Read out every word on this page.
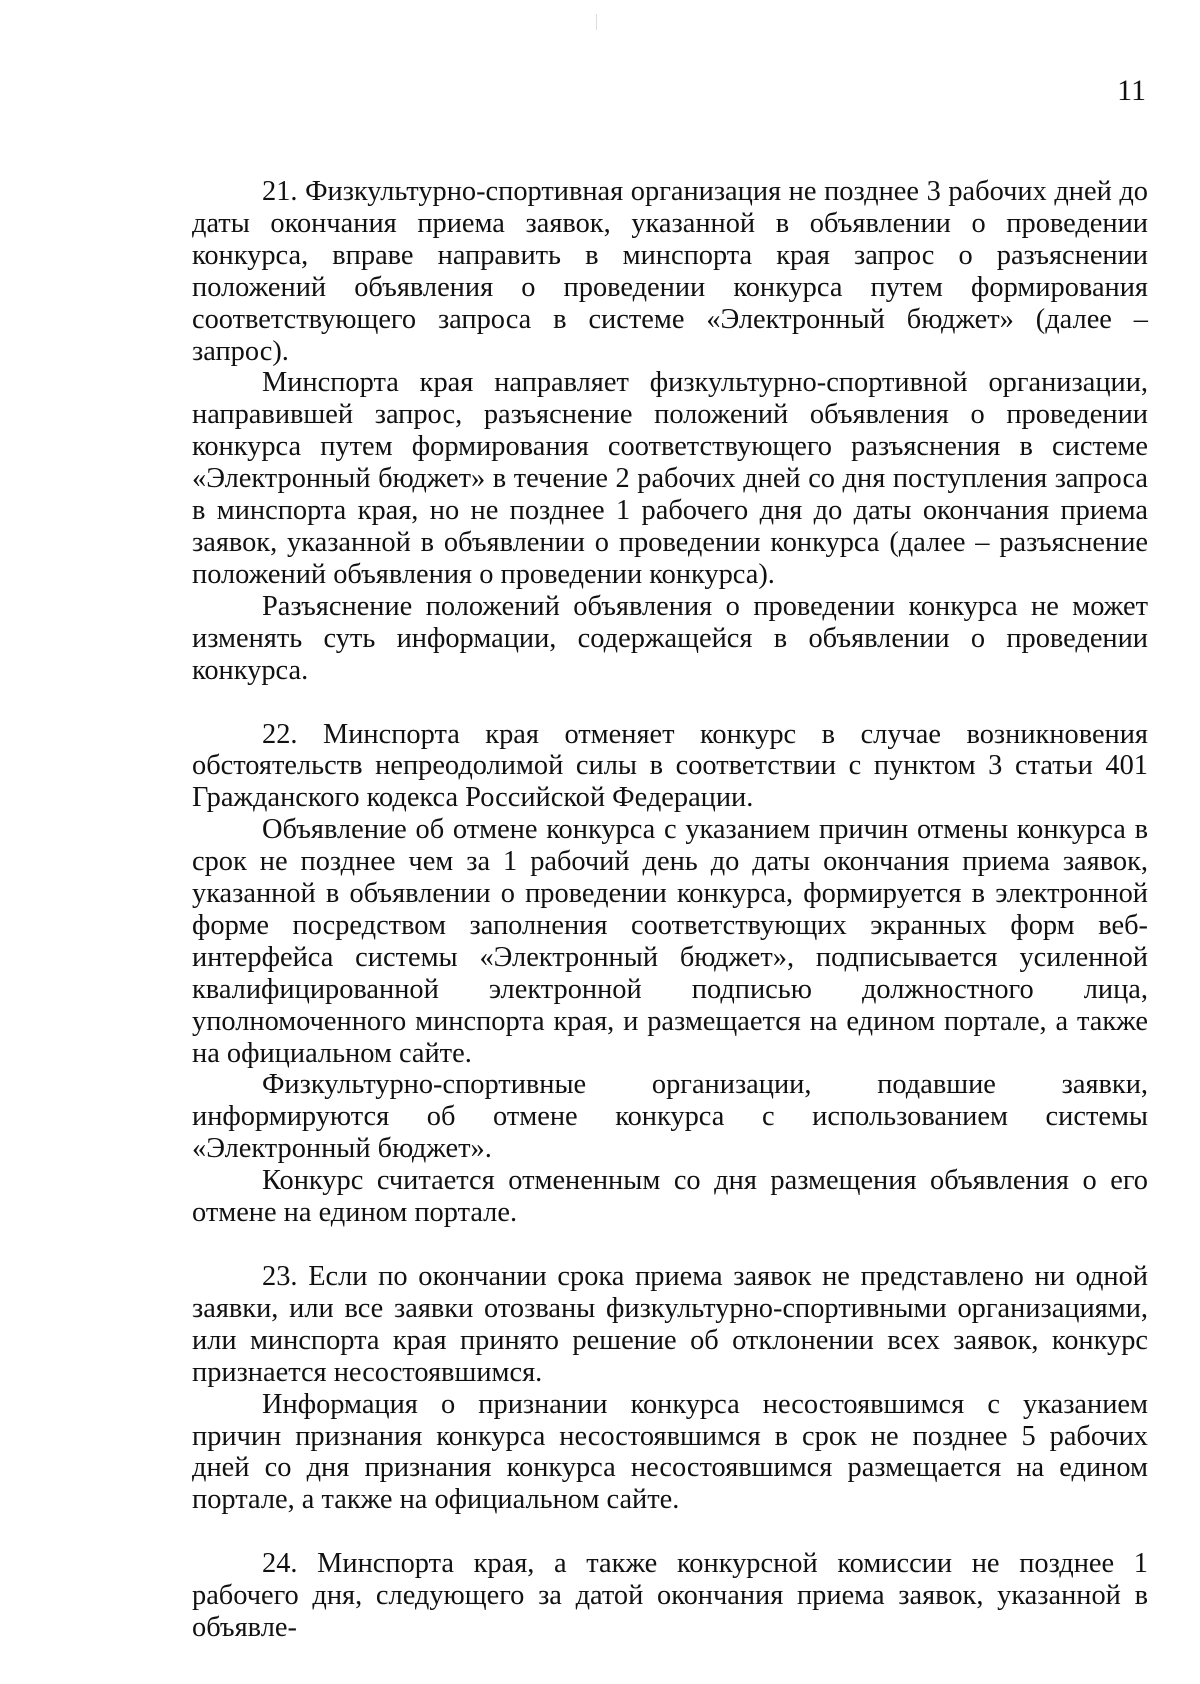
11

21. Физкультурно-спортивная организация не позднее 3 рабочих дней до даты окончания приема заявок, указанной в объявлении о проведении конкурса, вправе направить в минспорта края запрос о разъяснении положений объявления о проведении конкурса путем формирования соответствующего запроса в системе «Электронный бюджет» (далее – запрос).

Минспорта края направляет физкультурно-спортивной организации, направившей запрос, разъяснение положений объявления о проведении конкурса путем формирования соответствующего разъяснения в системе «Электронный бюджет» в течение 2 рабочих дней со дня поступления запроса в минспорта края, но не позднее 1 рабочего дня до даты окончания приема заявок, указанной в объявлении о проведении конкурса (далее – разъяснение положений объявления о проведении конкурса).

Разъяснение положений объявления о проведении конкурса не может изменять суть информации, содержащейся в объявлении о проведении конкурса.

22. Минспорта края отменяет конкурс в случае возникновения обстоятельств непреодолимой силы в соответствии с пунктом 3 статьи 401 Гражданского кодекса Российской Федерации.

Объявление об отмене конкурса с указанием причин отмены конкурса в срок не позднее чем за 1 рабочий день до даты окончания приема заявок, указанной в объявлении о проведении конкурса, формируется в электронной форме посредством заполнения соответствующих экранных форм веб-интерфейса системы «Электронный бюджет», подписывается усиленной квалифицированной электронной подписью должностного лица, уполномоченного минспорта края, и размещается на едином портале, а также на официальном сайте.

Физкультурно-спортивные организации, подавшие заявки, информируются об отмене конкурса с использованием системы «Электронный бюджет».

Конкурс считается отмененным со дня размещения объявления о его отмене на едином портале.

23. Если по окончании срока приема заявок не представлено ни одной заявки, или все заявки отозваны физкультурно-спортивными организациями, или минспорта края принято решение об отклонении всех заявок, конкурс признается несостоявшимся.

Информация о признании конкурса несостоявшимся с указанием причин признания конкурса несостоявшимся в срок не позднее 5 рабочих дней со дня признания конкурса несостоявшимся размещается на едином портале, а также на официальном сайте.

24. Минспорта края, а также конкурсной комиссии не позднее 1 рабочего дня, следующего за датой окончания приема заявок, указанной в объявле-
